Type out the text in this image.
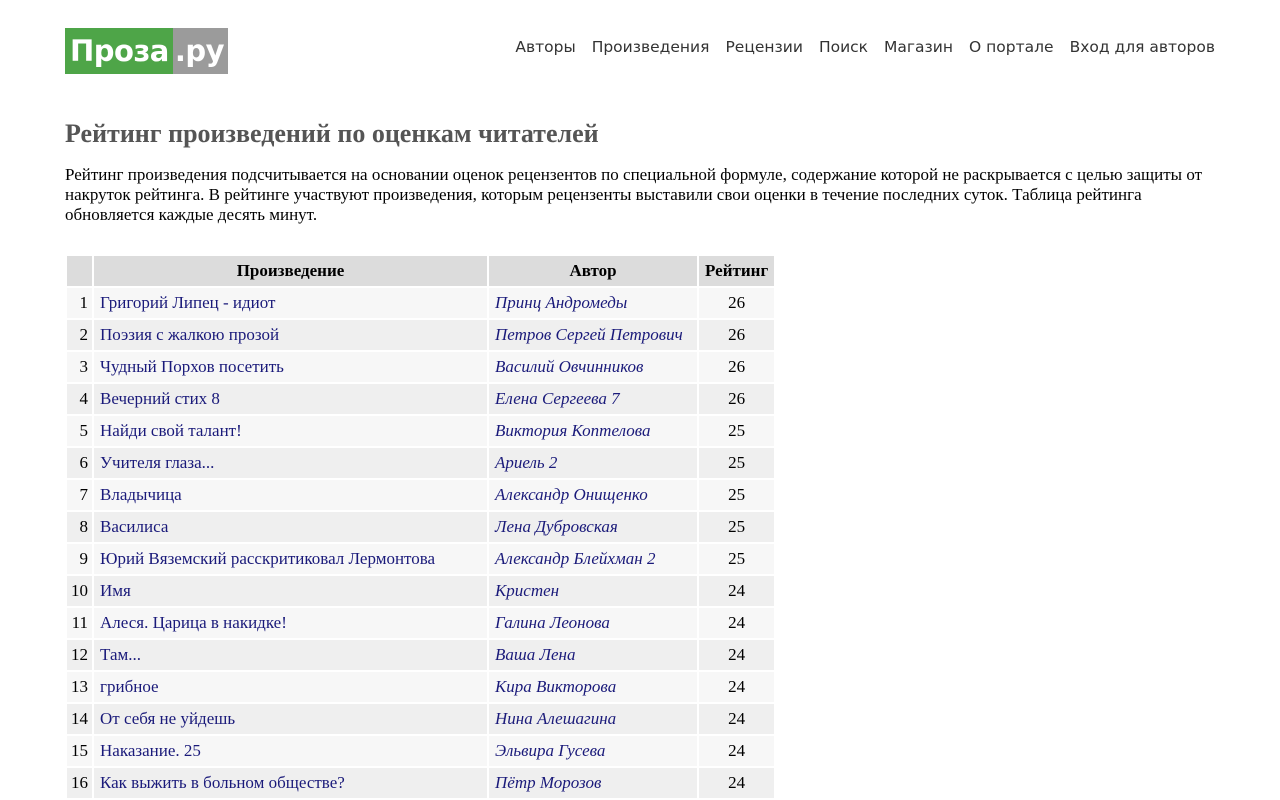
Проза .ру	Авторы Произведения Рецензии Поиск Магазин О портале Вход для авторов
Рейтинг произведений по оценкам читателей

Рейтинг произведения подсчитывается на основании оценок рецензентов по специальной формуле, содержание которой не раскрывается с целью защиты от накруток рейтинга. В рейтинге участвуют произведения, которым рецензенты выставили свои оценки в течение последних суток. Таблица рейтинга обновляется каждые десять минут.

	Произведение	Автор	Рейтинг
1	Григорий Липец - идиот	Принц Андромеды	26
2	Поэзия с жалкою прозой	Петров Сергей Петрович	26
3	Чудный Порхов посетить	Василий Овчинников	26
4	Вечерний стих 8	Елена Сергеева 7	26
5	Найди свой талант!	Виктория Коптелова	25
6	Учителя глаза...	Ариель 2	25
7	Владычица	Александр Онищенко	25
8	Василиса	Лена Дубровская	25
9	Юрий Вяземский расскритиковал Лермонтова	Александр Блейхман 2	25
10	Имя	Кристен	24
11	Алеся. Царица в накидке!	Галина Леонова	24
12	Там...	Ваша Лена	24
13	грибное	Кира Викторова	24
14	От себя не уйдешь	Нина Алешагина	24
15	Наказание. 25	Эльвира Гусева	24
16	Как выжить в больном обществе?	Пётр Морозов	24
